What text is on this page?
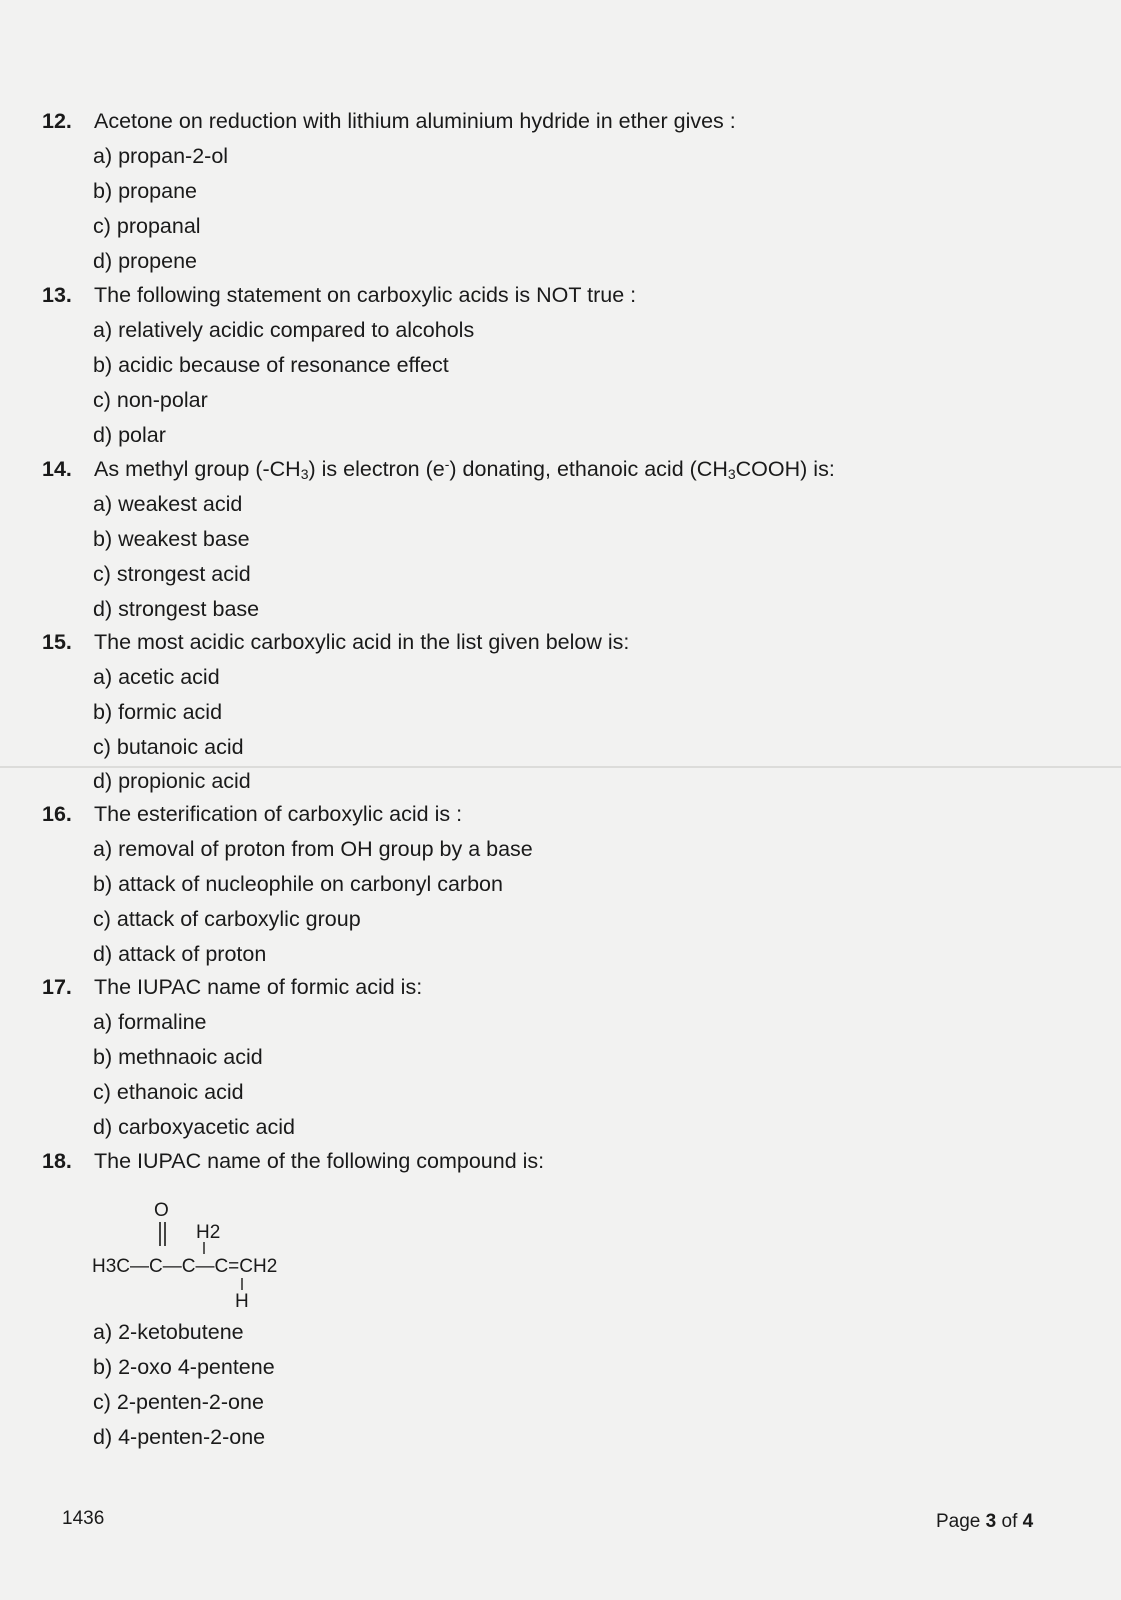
12.	Acetone on reduction with lithium aluminium hydride in ether gives :
a) propan-2-ol
b) propane
c) propanal
d) propene
13.	The following statement on carboxylic acids is NOT true :
a) relatively acidic compared to alcohols
b) acidic because of resonance effect
c) non-polar
d) polar
14.	As methyl group $(-CH_3)$ is electron (e-) donating, ethanoic acid $(CH_3COOH)$ is:
a) weakest acid
b) weakest base
c) strongest acid
d) strongest base
15.	The most acidic carboxylic acid in the list given below is:
a) acetic acid
b) formic acid
c) butanoic acid
d) propionic acid
16.	The esterification of carboxylic acid is :
a) removal of proton from OH group by a base
b) attack of nucleophile on carbonyl carbon
c) attack of carboxylic group
d) attack of proton
17.	The IUPAC name of formic acid is:
a) formaline
b) methnaoic acid
c) ethanoic acid
d) carboxyacetic acid
18.	The IUPAC name of the following compound is:
O
H2
H3C—C—C—C=CH2
H
a) 2-ketobutene
b) 2-oxo 4-pentene
c) 2-penten-2-one
d) 4-penten-2-one
1436	Page 3 of 4
